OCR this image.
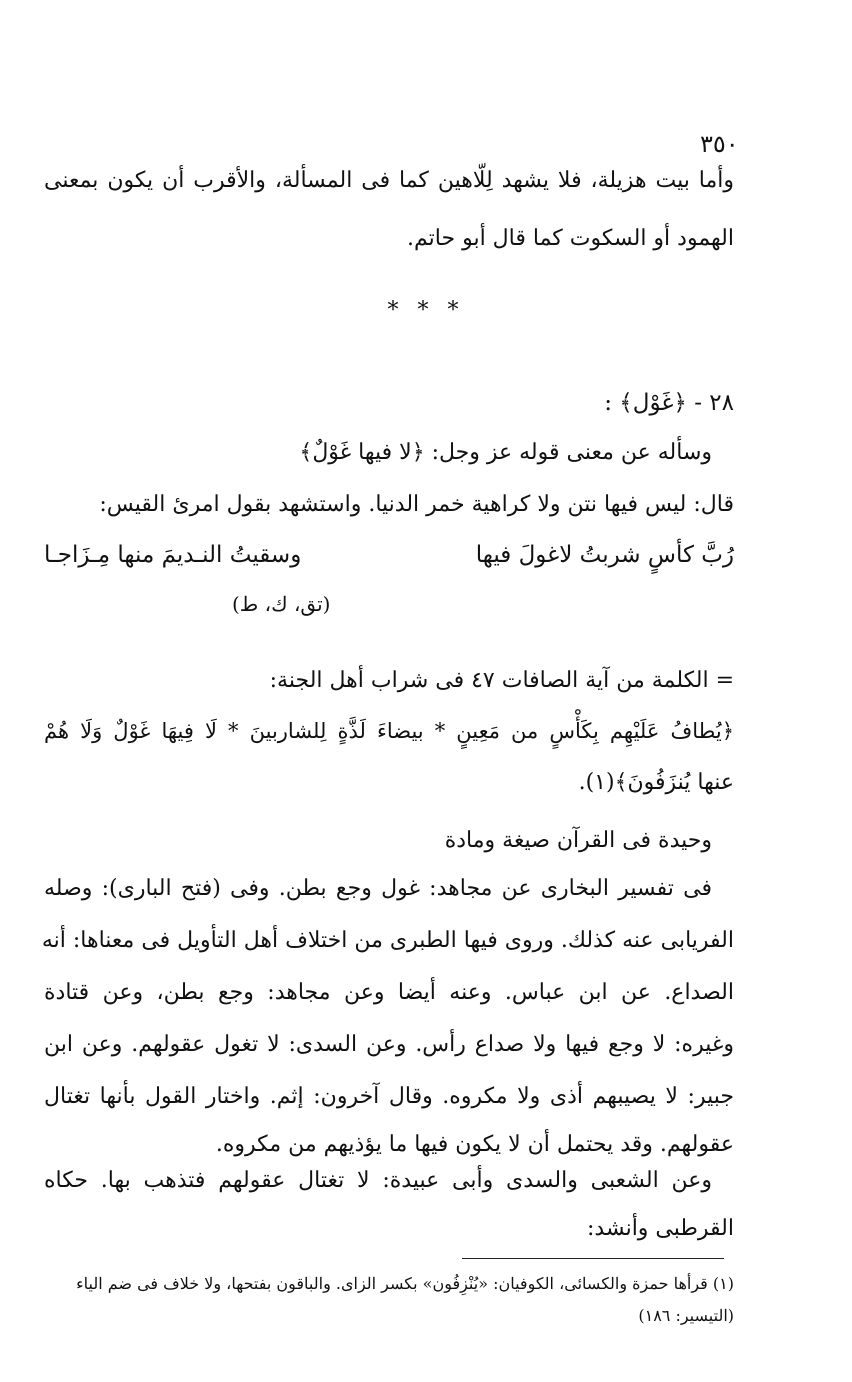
٣٥٠
وأما بيت هزيلة، فلا يشهد لِلّاهين كما فى المسألة، والأقرب أن يكون بمعنى
الهمود أو السكوت كما قال أبو حاتم.
* * *
٢٨ - ﴿غَوْل﴾ :
وسأله عن معنى قوله عز وجل: ﴿لا فيها غَوْلٌ﴾
قال: ليس فيها نتن ولا كراهية خمر الدنيا. واستشهد بقول امرئ القيس:
رُبَّ كأسٍ شربتُ لاغولَ فيها
وسقيتُ النـديمَ منها مِـزَاجـا
(تق، ك، ط)
= الكلمة من آية الصافات ٤٧ فى شراب أهل الجنة:
﴿يُطافُ عَلَيْهِم بِكَأْسٍ من مَعِينٍ * بيضاءَ لَذَّةٍ لِلشاربينَ * لَا فِيهَا غَوْلٌ وَلَا هُمْ
عنها يُنزَفُونَ﴾(١).
وحيدة فى القرآن صيغة ومادة
فى تفسير البخارى عن مجاهد: غول وجع بطن. وفى (فتح البارى): وصله
الفريابى عنه كذلك. وروى فيها الطبرى من اختلاف أهل التأويل فى معناها: أنه
الصداع. عن ابن عباس. وعنه أيضا وعن مجاهد: وجع بطن، وعن قتادة
وغيره: لا وجع فيها ولا صداع رأس. وعن السدى: لا تغول عقولهم. وعن ابن
جبير: لا يصيبهم أذى ولا مكروه. وقال آخرون: إثم. واختار القول بأنها تغتال
عقولهم. وقد يحتمل أن لا يكون فيها ما يؤذيهم من مكروه.
وعن الشعبى والسدى وأبى عبيدة: لا تغتال عقولهم فتذهب بها. حكاه
القرطبى وأنشد:
(١) قرأها حمزة والكسائى، الكوفيان: «يُنْزِفُون» بكسر الزاى. والباقون بفتحها، ولا خلاف فى ضم الياء
(التيسير: ١٨٦)
